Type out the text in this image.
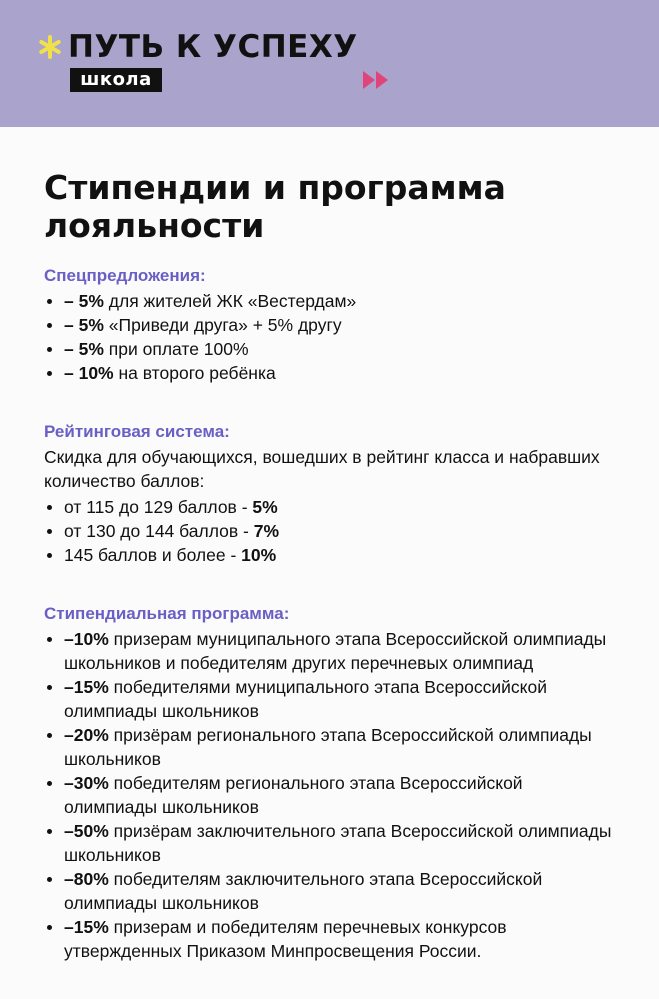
ПУТЬ К УСПЕХУ
школа
Стипендии и программа лояльности
Спецпредложения:
– 5% для жителей ЖК «Вестердам»
– 5% «Приведи друга» + 5% другу
– 5% при оплате 100%
– 10% на второго ребёнка
Рейтинговая система:
Скидка для обучающихся, вошедших в рейтинг класса и набравших количество баллов:
от 115 до 129 баллов - 5%
от 130 до 144 баллов - 7%
145 баллов и более - 10%
Стипендиальная программа:
–10% призерам муниципального этапа Всероссийской олимпиады школьников и победителям других перечневых олимпиад
–15% победителями муниципального этапа Всероссийской олимпиады школьников
–20% призёрам регионального этапа Всероссийской олимпиады школьников
–30% победителям регионального этапа Всероссийской олимпиады школьников
–50% призёрам заключительного этапа Всероссийской олимпиады школьников
–80% победителям заключительного этапа Всероссийской олимпиады школьников
–15% призерам и победителям перечневых конкурсов утвержденных Приказом Минпросвещения России.
